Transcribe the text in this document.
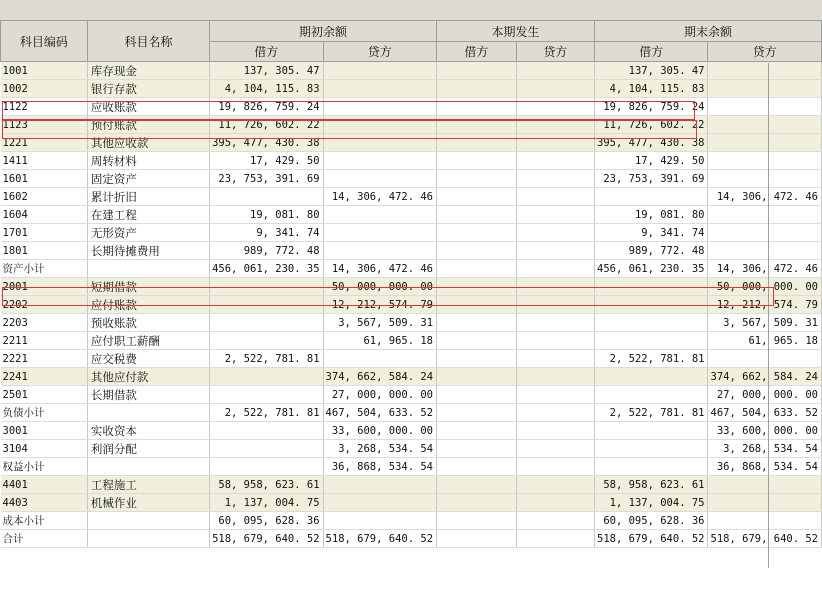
科目编码	科目名称	期初余额		本期发生		期末余额	
		借方	贷方	借方	贷方	借方	贷方
1001	库存现金	137, 305. 47				137, 305. 47	
1002	银行存款	4, 104, 115. 83				4, 104, 115. 83	
1122	应收账款	19, 826, 759. 24				19, 826, 759. 24	
1123	预付账款	11, 726, 602. 22				11, 726, 602. 22	
1221	其他应收款	395, 477, 430. 38				395, 477, 430. 38	
1411	周转材料	17, 429. 50				17, 429. 50	
1601	固定资产	23, 753, 391. 69				23, 753, 391. 69	
1602	累计折旧		14, 306, 472. 46				14, 306, 472. 46
1604	在建工程	19, 081. 80				19, 081. 80	
1701	无形资产	9, 341. 74				9, 341. 74	
1801	长期待摊费用	989, 772. 48				989, 772. 48	
资产小计		456, 061, 230. 35	14, 306, 472. 46			456, 061, 230. 35	14, 306, 472. 46
2001	短期借款		50, 000, 000. 00				50, 000, 000. 00
2202	应付账款		12, 212, 574. 79				12, 212, 574. 79
2203	预收账款		3, 567, 509. 31				3, 567, 509. 31
2211	应付职工薪酬		61, 965. 18				61, 965. 18
2221	应交税费	2, 522, 781. 81				2, 522, 781. 81	
2241	其他应付款		374, 662, 584. 24				374, 662, 584. 24
2501	长期借款		27, 000, 000. 00				27, 000, 000. 00
负债小计		2, 522, 781. 81	467, 504, 633. 52			2, 522, 781. 81	467, 504, 633. 52
3001	实收资本		33, 600, 000. 00				33, 600, 000. 00
3104	利润分配		3, 268, 534. 54				3, 268, 534. 54
权益小计			36, 868, 534. 54				36, 868, 534. 54
4401	工程施工	58, 958, 623. 61				58, 958, 623. 61	
4403	机械作业	1, 137, 004. 75				1, 137, 004. 75	
成本小计		60, 095, 628. 36				60, 095, 628. 36	
合计		518, 679, 640. 52	518, 679, 640. 52			518, 679, 640. 52	518, 679, 640. 52
